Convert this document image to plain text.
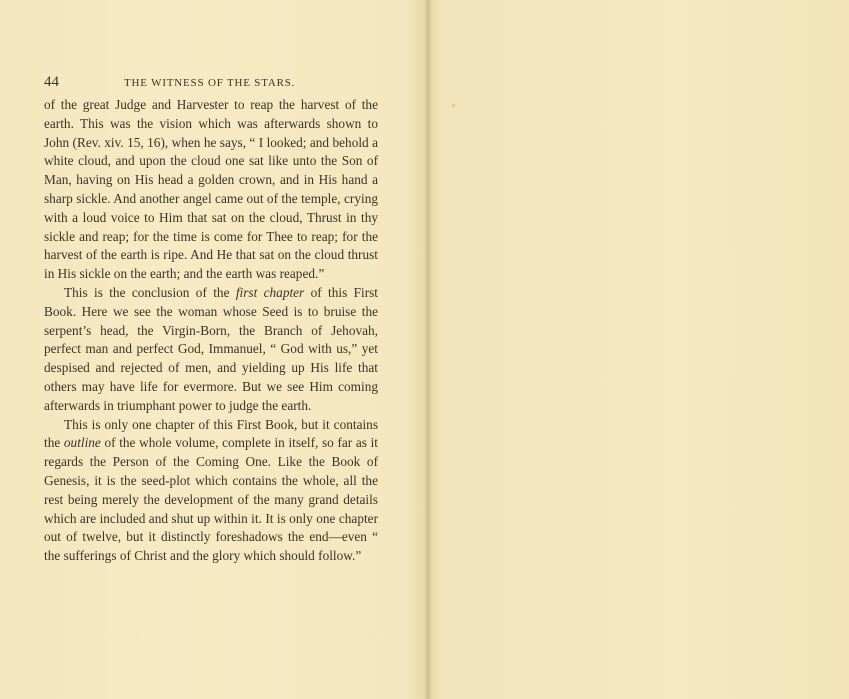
44	THE WITNESS OF THE STARS.

of the great Judge and Harvester to reap the harvest of the earth. This was the vision which was afterwards shown to John (Rev. xiv. 15, 16), when he says, “ I looked; and behold a white cloud, and upon the cloud one sat like unto the Son of Man, having on His head a golden crown, and in His hand a sharp sickle. And another angel came out of the temple, crying with a loud voice to Him that sat on the cloud, Thrust in thy sickle and reap; for the time is come for Thee to reap; for the harvest of the earth is ripe. And He that sat on the cloud thrust in His sickle on the earth; and the earth was reaped.”

This is the conclusion of the first chapter of this First Book. Here we see the woman whose Seed is to bruise the serpent’s head, the Virgin-Born, the Branch of Jehovah, perfect man and perfect God, Immanuel, “ God with us,” yet despised and rejected of men, and yielding up His life that others may have life for evermore. But we see Him coming afterwards in triumphant power to judge the earth.

This is only one chapter of this First Book, but it contains the outline of the whole volume, complete in itself, so far as it regards the Person of the Coming One. Like the Book of Genesis, it is the seed-plot which contains the whole, all the rest being merely the development of the many grand details which are included and shut up within it. It is only one chapter out of twelve, but it distinctly foreshadows the end—even “ the sufferings of Christ and the glory which should follow.”
